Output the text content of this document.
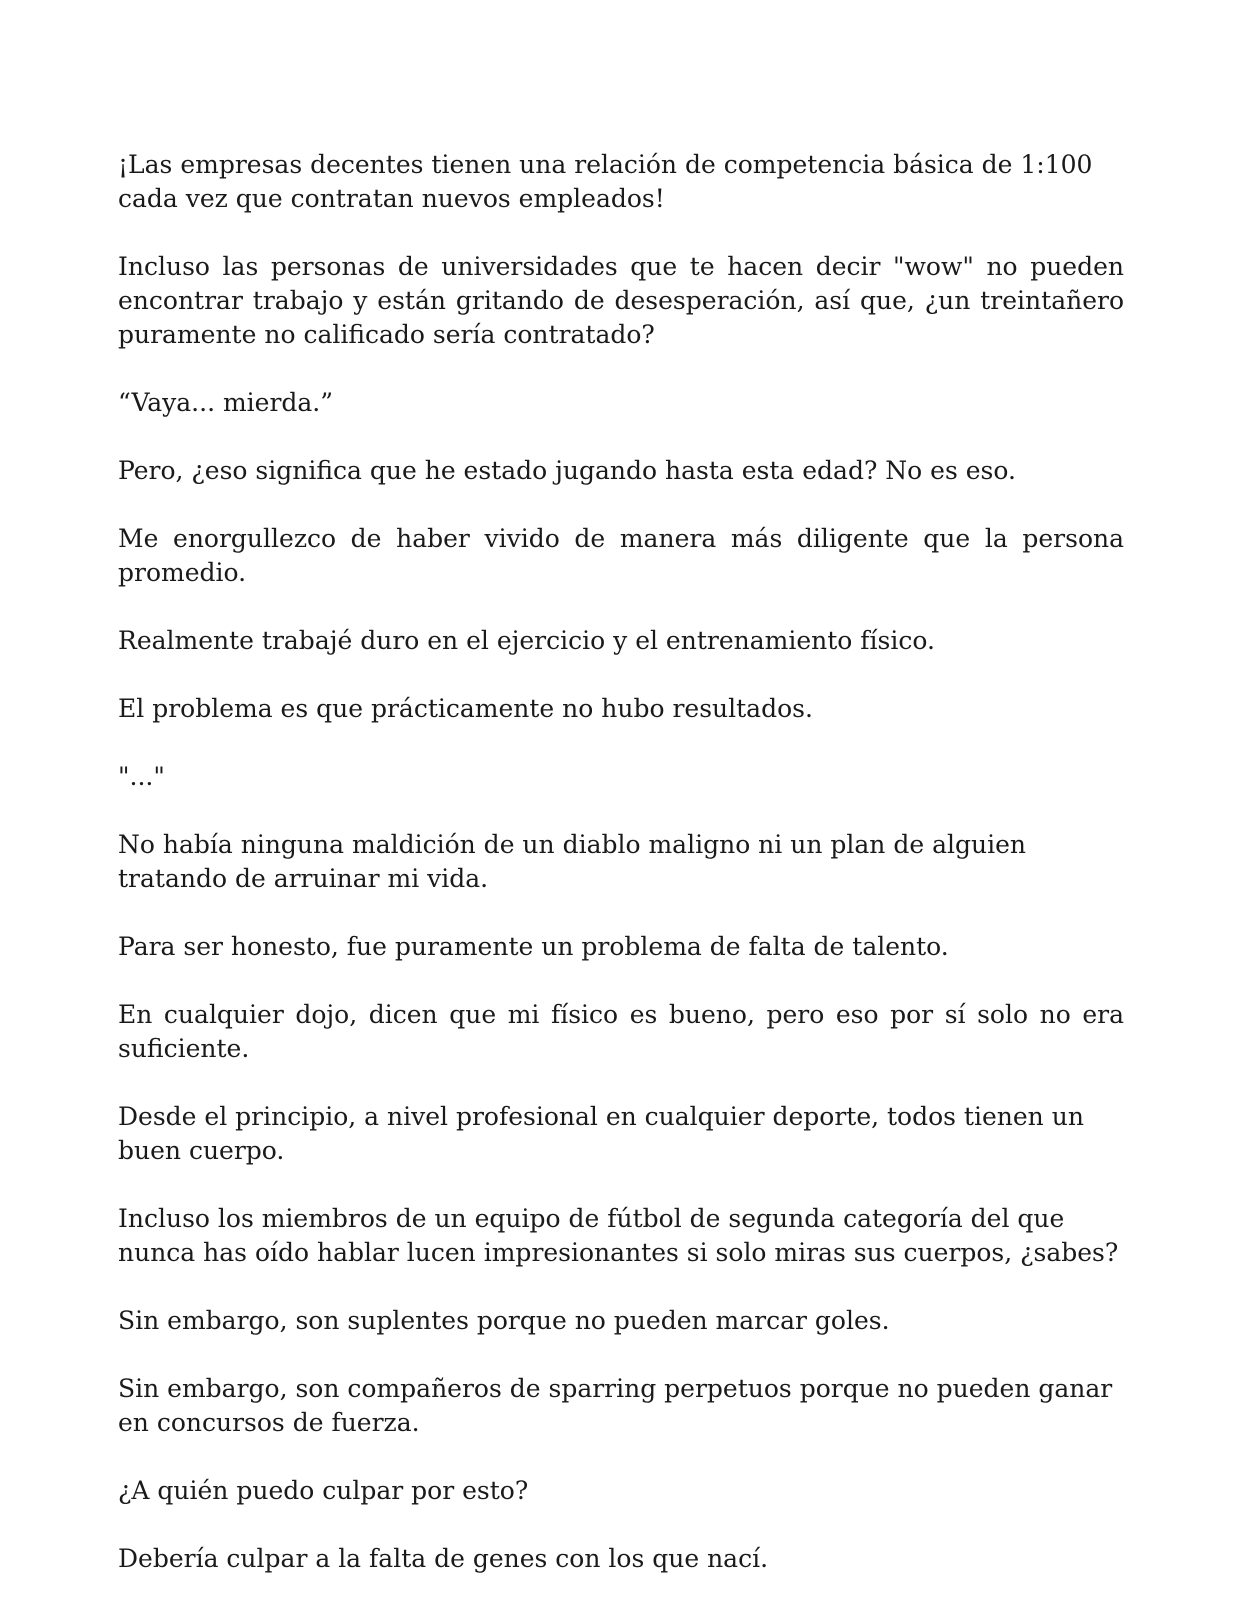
¡Las empresas decentes tienen una relación de competencia básica de 1:100 cada vez que contratan nuevos empleados!

Incluso las personas de universidades que te hacen decir "wow" no pueden encontrar trabajo y están gritando de desesperación, así que, ¿un treintañero puramente no calificado sería contratado?

“Vaya... mierda.”

Pero, ¿eso significa que he estado jugando hasta esta edad? No es eso.

Me enorgullezco de haber vivido de manera más diligente que la persona promedio.

Realmente trabajé duro en el ejercicio y el entrenamiento físico.

El problema es que prácticamente no hubo resultados.

"..."

No había ninguna maldición de un diablo maligno ni un plan de alguien tratando de arruinar mi vida.

Para ser honesto, fue puramente un problema de falta de talento.

En cualquier dojo, dicen que mi físico es bueno, pero eso por sí solo no era suficiente.

Desde el principio, a nivel profesional en cualquier deporte, todos tienen un buen cuerpo.

Incluso los miembros de un equipo de fútbol de segunda categoría del que nunca has oído hablar lucen impresionantes si solo miras sus cuerpos, ¿sabes?

Sin embargo, son suplentes porque no pueden marcar goles.

Sin embargo, son compañeros de sparring perpetuos porque no pueden ganar en concursos de fuerza.

¿A quién puedo culpar por esto?

Debería culpar a la falta de genes con los que nací.
